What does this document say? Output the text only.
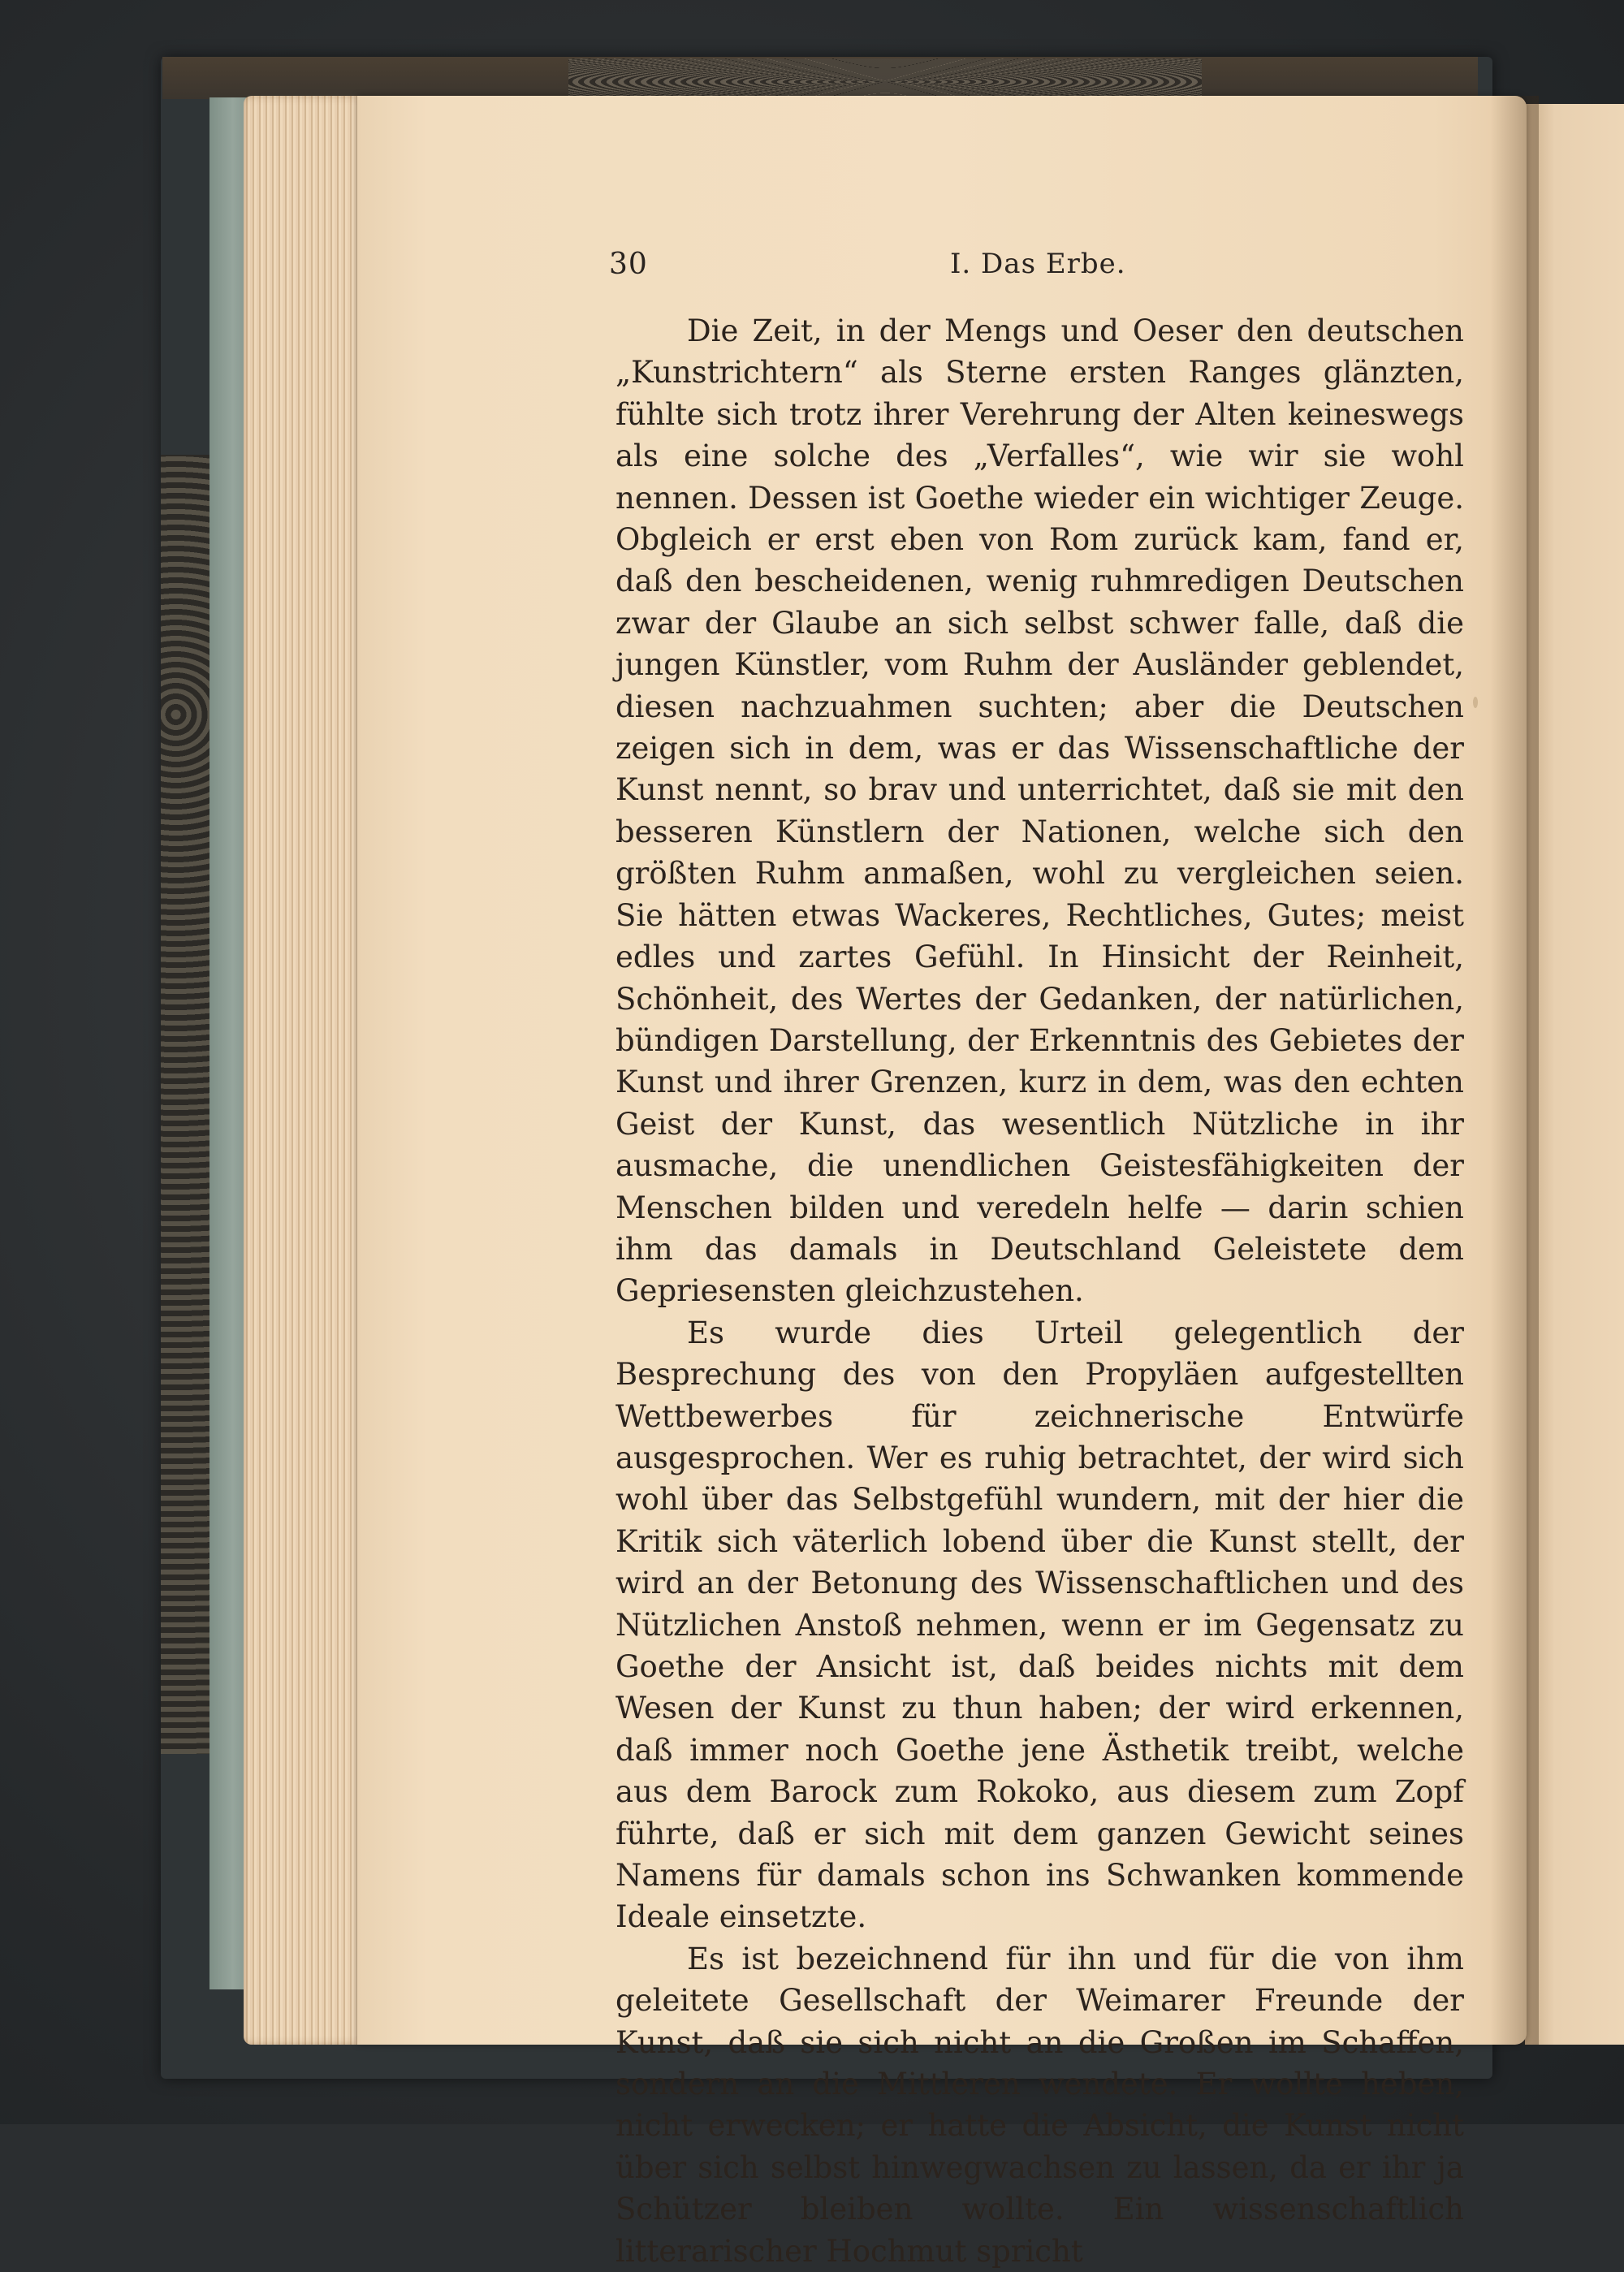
30	I. Das Erbe.

Die Zeit, in der Mengs und Oeser den deutschen „Kunstrichtern“ als Sterne ersten Ranges glänzten, fühlte sich trotz ihrer Verehrung der Alten keineswegs als eine solche des „Verfalles“, wie wir sie wohl nennen. Dessen ist Goethe wieder ein wichtiger Zeuge. Obgleich er erst eben von Rom zurück kam, fand er, daß den bescheidenen, wenig ruhmredigen Deutschen zwar der Glaube an sich selbst schwer falle, daß die jungen Künstler, vom Ruhm der Ausländer geblendet, diesen nachzuahmen suchten; aber die Deutschen zeigen sich in dem, was er das Wissenschaftliche der Kunst nennt, so brav und unterrichtet, daß sie mit den besseren Künstlern der Nationen, welche sich den größten Ruhm anmaßen, wohl zu vergleichen seien. Sie hätten etwas Wackeres, Rechtliches, Gutes; meist edles und zartes Gefühl. In Hinsicht der Reinheit, Schönheit, des Wertes der Gedanken, der natürlichen, bündigen Darstellung, der Erkenntnis des Gebietes der Kunst und ihrer Grenzen, kurz in dem, was den echten Geist der Kunst, das wesentlich Nützliche in ihr ausmache, die unendlichen Geistesfähigkeiten der Menschen bilden und veredeln helfe — darin schien ihm das damals in Deutschland Geleistete dem Gepriesensten gleichzustehen.

Es wurde dies Urteil gelegentlich der Besprechung des von den Propyläen aufgestellten Wettbewerbes für zeichnerische Entwürfe ausgesprochen. Wer es ruhig betrachtet, der wird sich wohl über das Selbstgefühl wundern, mit der hier die Kritik sich väterlich lobend über die Kunst stellt, der wird an der Betonung des Wissenschaftlichen und des Nützlichen Anstoß nehmen, wenn er im Gegensatz zu Goethe der Ansicht ist, daß beides nichts mit dem Wesen der Kunst zu thun haben; der wird erkennen, daß immer noch Goethe jene Ästhetik treibt, welche aus dem Barock zum Rokoko, aus diesem zum Zopf führte, daß er sich mit dem ganzen Gewicht seines Namens für damals schon ins Schwanken kommende Ideale einsetzte.

Es ist bezeichnend für ihn und für die von ihm geleitete Gesellschaft der Weimarer Freunde der Kunst, daß sie sich nicht an die Großen im Schaffen, sondern an die Mittleren wendete. Er wollte heben, nicht erwecken; er hatte die Absicht, die Kunst nicht über sich selbst hinwegwachsen zu lassen, da er ihr ja Schützer bleiben wollte. Ein wissenschaftlich litterarischer Hochmut spricht
